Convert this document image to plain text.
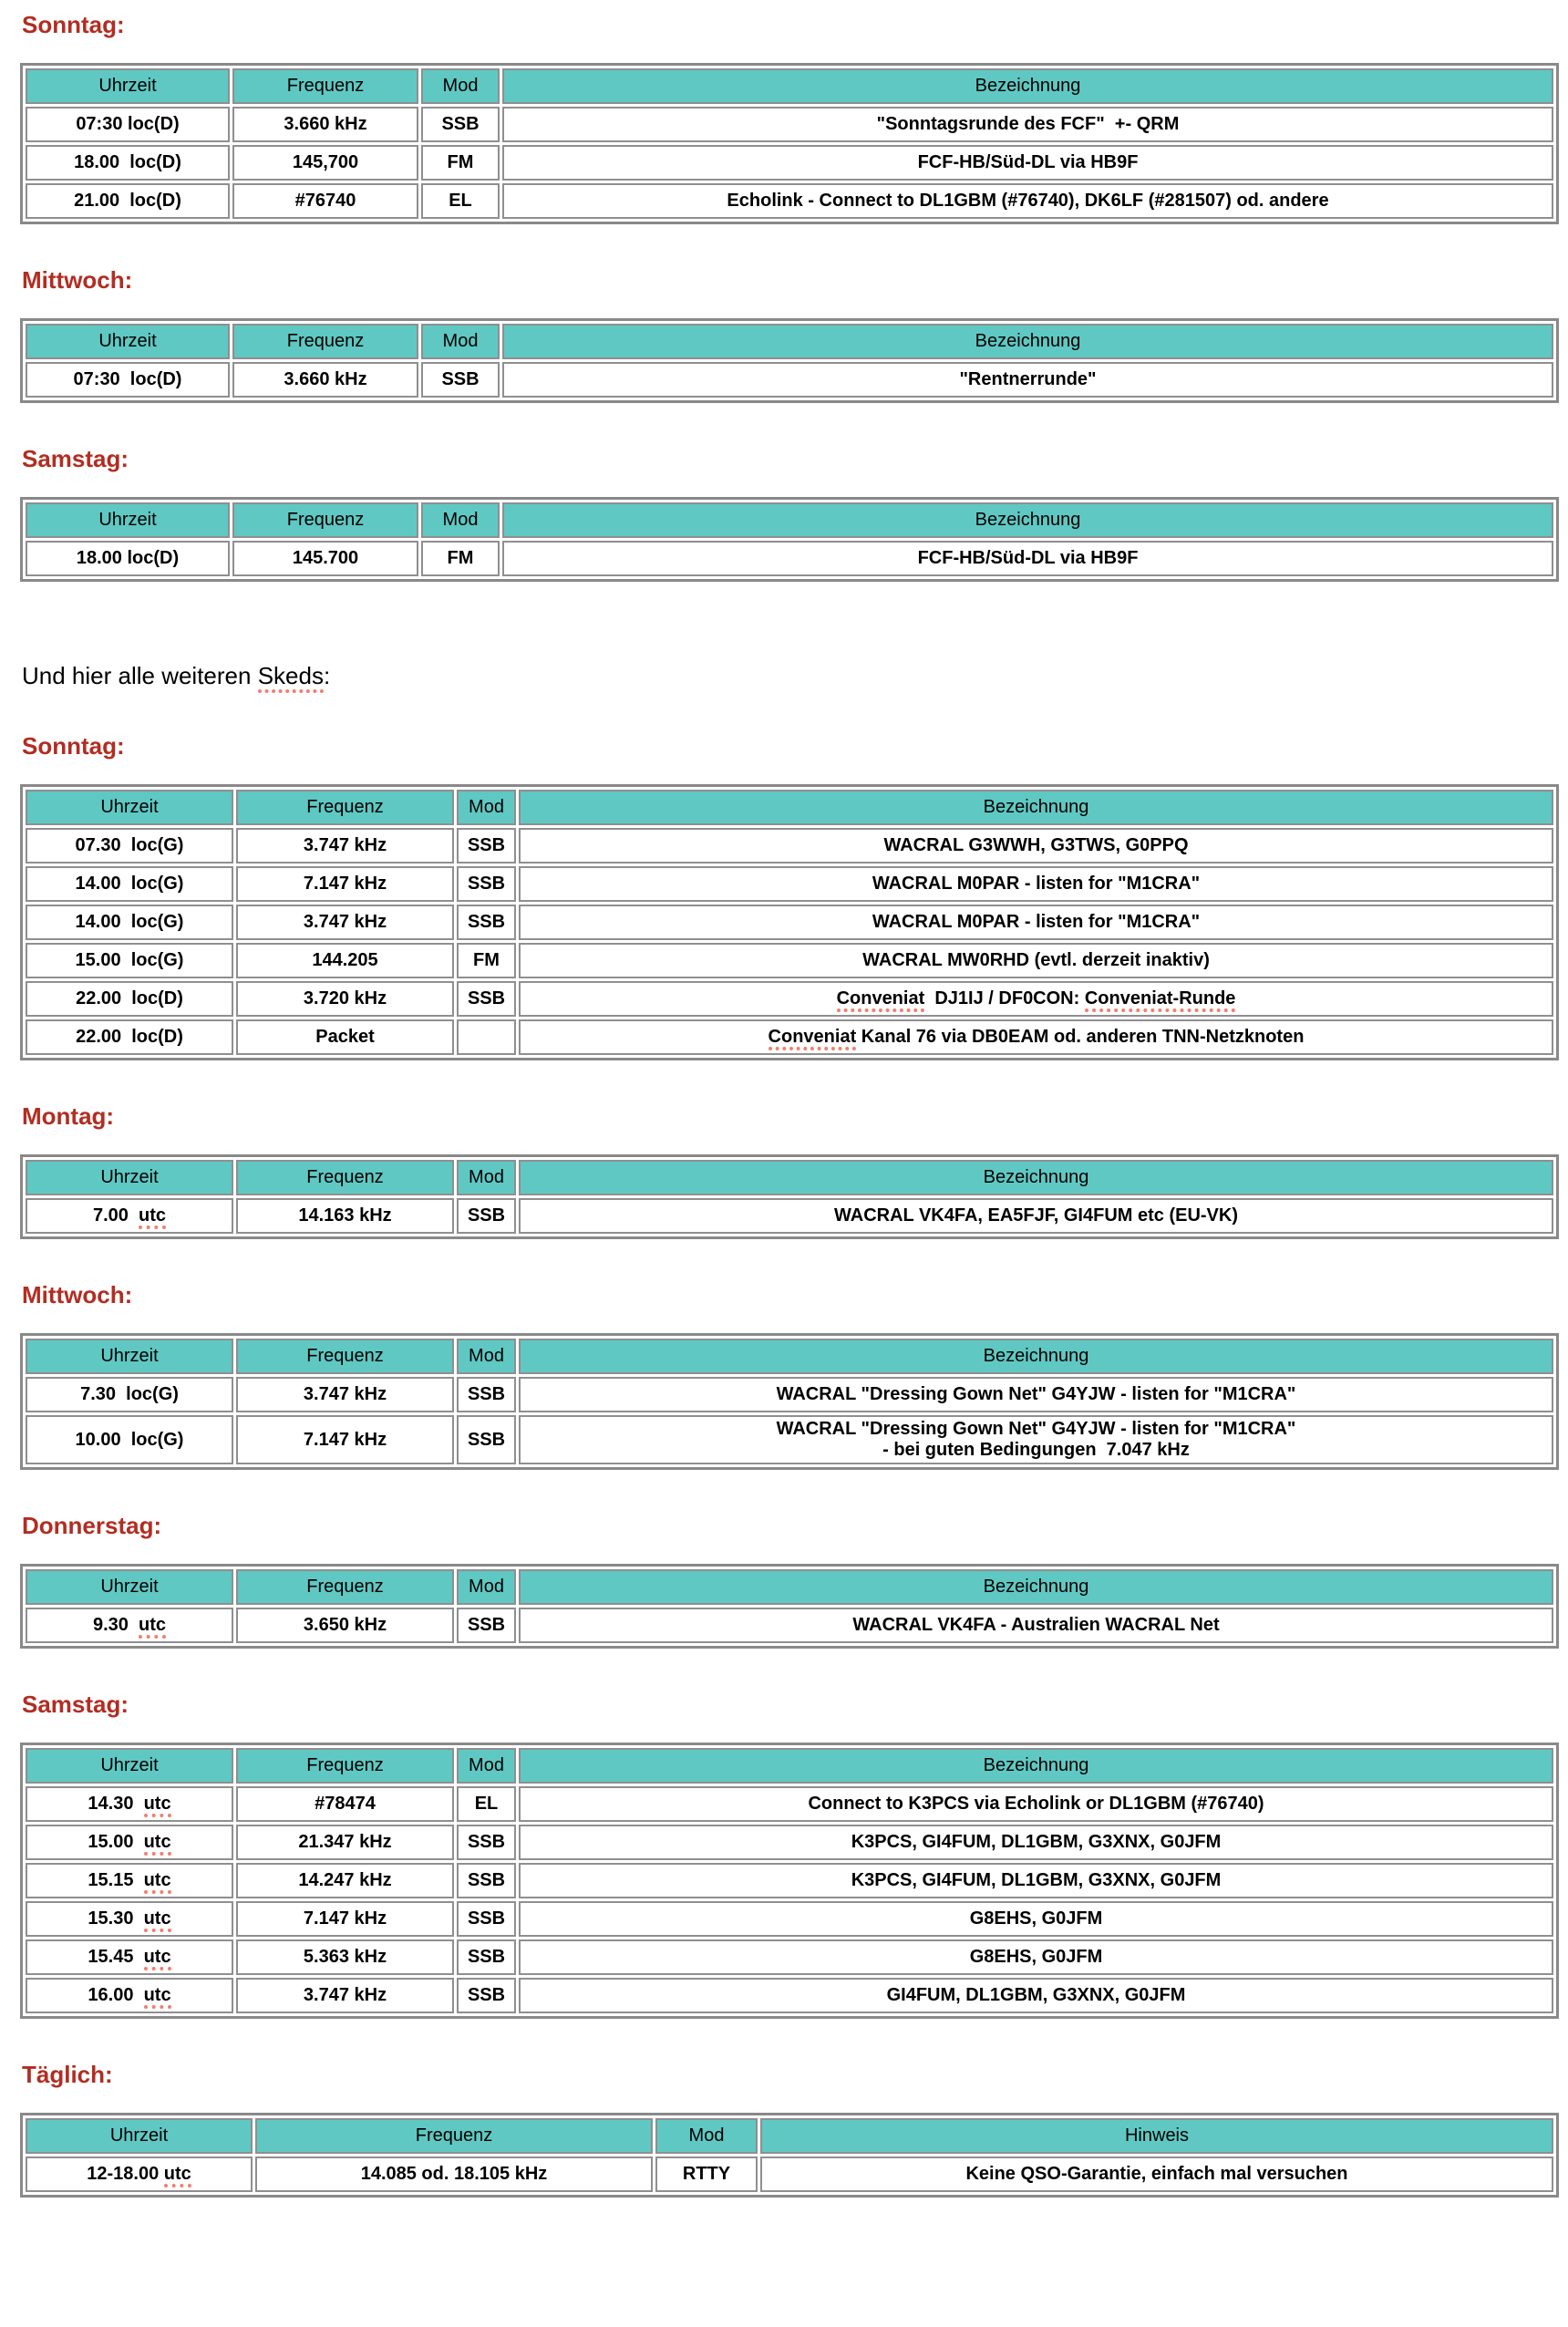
Sonntag:
Uhrzeit	Frequenz	Mod	Bezeichnung
07:30 loc(D)	3.660 kHz	SSB	"Sonntagsrunde des FCF"  +- QRM
18.00  loc(D)	145,700	FM	FCF-HB/Süd-DL via HB9F
21.00  loc(D)	#76740	EL	Echolink - Connect to DL1GBM (#76740), DK6LF (#281507) od. andere
Mittwoch:
Uhrzeit	Frequenz	Mod	Bezeichnung
07:30  loc(D)	3.660 kHz	SSB	"Rentnerrunde"
Samstag:
Uhrzeit	Frequenz	Mod	Bezeichnung
18.00 loc(D)	145.700	FM	FCF-HB/Süd-DL via HB9F

Und hier alle weiteren Skeds:

Sonntag:
Uhrzeit	Frequenz	Mod	Bezeichnung
07.30  loc(G)	3.747 kHz	SSB	WACRAL G3WWH, G3TWS, G0PPQ
14.00  loc(G)	7.147 kHz	SSB	WACRAL M0PAR - listen for "M1CRA"
14.00  loc(G)	3.747 kHz	SSB	WACRAL M0PAR - listen for "M1CRA"
15.00  loc(G)	144.205	FM	WACRAL MW0RHD (evtl. derzeit inaktiv)
22.00  loc(D)	3.720 kHz	SSB	Conveniat  DJ1IJ / DF0CON: Conveniat-Runde
22.00  loc(D)	Packet		Conveniat Kanal 76 via DB0EAM od. anderen TNN-Netzknoten
Montag:
Uhrzeit	Frequenz	Mod	Bezeichnung
7.00  utc	14.163 kHz	SSB	WACRAL VK4FA, EA5FJF, GI4FUM etc (EU-VK)
Mittwoch:
Uhrzeit	Frequenz	Mod	Bezeichnung
7.30  loc(G)	3.747 kHz	SSB	WACRAL "Dressing Gown Net" G4YJW - listen for "M1CRA"
10.00  loc(G)	7.147 kHz	SSB	WACRAL "Dressing Gown Net" G4YJW - listen for "M1CRA"
- bei guten Bedingungen  7.047 kHz
Donnerstag:
Uhrzeit	Frequenz	Mod	Bezeichnung
9.30  utc	3.650 kHz	SSB	WACRAL VK4FA - Australien WACRAL Net
Samstag:
Uhrzeit	Frequenz	Mod	Bezeichnung
14.30  utc	#78474	EL	Connect to K3PCS via Echolink or DL1GBM (#76740)
15.00  utc	21.347 kHz	SSB	K3PCS, GI4FUM, DL1GBM, G3XNX, G0JFM
15.15  utc	14.247 kHz	SSB	K3PCS, GI4FUM, DL1GBM, G3XNX, G0JFM
15.30  utc	7.147 kHz	SSB	G8EHS, G0JFM
15.45  utc	5.363 kHz	SSB	G8EHS, G0JFM
16.00  utc	3.747 kHz	SSB	GI4FUM, DL1GBM, G3XNX, G0JFM
Täglich:
Uhrzeit	Frequenz	Mod	Hinweis
12-18.00 utc	14.085 od. 18.105 kHz	RTTY	Keine QSO-Garantie, einfach mal versuchen
